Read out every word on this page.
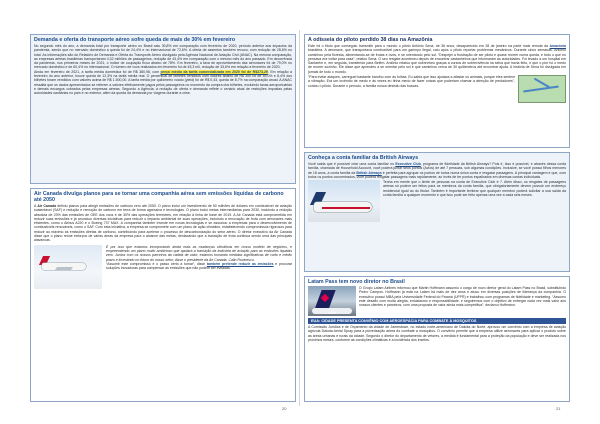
Demanda e oferta do transporte aéreo sofre queda de mais de 30% em fevereiro

No segundo mês do ano, a demanda total por transporte aéreo no Brasil caiu 30,8% em comparação com fevereiro de 2020, período anterior aos impactos da pandemia, sendo que no mercado doméstico a queda foi de 24,4% e no internacional de 72,6%. A oferta de assentos também recuou, com redução de 28,6% no total. As informações são do Relatório de Demanda e Oferta do Transporte Aéreo divulgado pela Agência Nacional de Aviação Civil (ANAC). Na mesma comparação, as empresas aéreas brasileiras transportaram 4,32 milhões de passageiros, redução de 43,4% em comparação com o mesmo mês do ano passado. Em decorrência da pandemia, nos primeiros meses de 2021, o índice de ocupação ficou abaixo de 78%. Em fevereiro, a taxa de aproveitamento das aeronaves foi de 79,0% no mercado doméstico e de 60,4% no internacional. O número de voos realizados em fevereiro foi de 45,3 mil, redução de 33,6% em relação a fevereiro de 2020.

Ainda em fevereiro de 2021, a tarifa média doméstica foi de R$ 380,98, com preço médio da tarifa comercializada em 2020 foi de R$373,29. Em relação a fevereiro do ano anterior, houve queda de 12,3% na tarifa média real. O percentual de bilhetes vendidos com valores abaixo de R$ 300 foi de 49,0% e 8,4% dos bilhetes foram vendidos com valores acima de R$ 1.500,00. A tarifa média por quilômetro voado (yield) foi de R$ 0,43, queda de 8,7% na comparação anual. A ANAC ressalta que os dados apresentados se referem a valores efetivamente pagos pelos passageiros no momento da compra dos bilhetes, excluindo taxas aeroportuárias e demais encargos cobrados pelas empresas aéreas. Segundo a Agência, a redução de oferta e demanda reflete o cenário atual de restrições impostas pelas autoridades sanitárias no país e no exterior, além da queda da demanda por viagens durante a crise.

Air Canada divulga planos para se tornar uma companhia aérea sem emissões líquidas de carbono até 2050

A Air Canada definiu planos para atingir emissões de carbono zero até 2050. O plano inclui um investimento de 50 milhões de dólares em combustível de aviação sustentável (SAF) e redução e remoção de carbono em terra de forma agressiva e tecnologias. O plano inclui metas intermediárias para 2030, incluindo a redução absoluta de 20% das emissões de GEE dos voos e de 30% das operações terrestres, em relação à linha de base de 2019. A Air Canada está comprometida em reduzir suas emissões e já anunciou diversas iniciativas para reduzir o impacto ambiental de suas operações, incluindo a renovação de frota com aeronaves mais eficientes, como o Airbus A220 e o Boeing 737 MAX. A companhia também investe em novas tecnologias e se associou a empresas para o desenvolvimento de combustíveis renováveis, como o SAF. Com esta iniciativa, a empresa se compromete com um plano de ação climático, estabelecendo compromissos rigorosos para reduzir ao máximo as emissões diretas de carbono, contribuindo para acelerar o processo de descarbonização do setor aéreo. O diretor executivo da Air Canada disse que o plano reúne esforços de várias áreas da empresa para o alcance das metas, destacando que a transição de frota continua sendo uma das principais alavancas.

É por isso que estamos incorporando ainda mais as mudanças climáticas em nosso modelo de negócios, e empreendendo um plano muito ambicioso que apoiará a transição da indústria de aviação para as emissões líquidas zero. Juntos com os nossos parceiros da cadeia de valor, estamos tomando medidas significativas de curto e médio prazo e investindo no futuro do nosso setor, disse o presidente da Air Canada, Calin Rovinescu.

“Assumir este compromisso é o passo certo a tomar”, disse também pretende reduzir as emissões e procurar soluções inovadoras para compensar as emissões que não podem ser evitadas.

20

A odisseia do piloto perdido 38 dias na Amazônia

Este foi o título que conseguiu transmitir para o mundo o piloto Antônio Sena, de 36 anos, desaparecido em 28 de janeiro na parte mais remota da Amazônia brasileira. A aeronave, que transportava combustível para um garimpo ilegal, caiu após o piloto reportar problemas mecânicos. Durante cinco semanas, Antônio caminhou pela floresta, alimentando-se de frutas e ovos, e se orientando pelo sol. “Despejei a frustração de ser piloto e quase morrer numa queda, e tudo o que eu pensava era voltar para casa”, relatou Sena. O seu resgate aconteceu depois de encontrar castanheiros que informaram as autoridades. Foi levado a um hospital em Santarém e, em seguida, transferido para Belém. Antônio relatou que sobreviveu graças a cursos de sobrevivência na selva que havia feito, e que o pior foi o medo de morrer sozinho. Ele disse que aprendeu a se orientar pelo sol e que caminhou cerca de 30 quilômetros até encontrar ajuda. A história de Sena foi divulgada em jornais de todo o mundo.

"Para evitar ataques, carreguei bastante barulho com as folhas. Eu sabia que isso ajudava a afastar os animais, porque eles sentem a vibração. Era um incêndio de medo e às vezes eu tinha medo de fazer coisas que poderiam chamar a atenção de predadores", contou o piloto. Durante o período, a família nunca desistiu das buscas.

Conheça a conta familiar da British Airways

Você sabia que é possível criar uma conta familiar no Executive Club, programa de fidelidade da British Airways? Pois é, isso é possível, e através dessa conta família, chamada de Household Account, você poderá juntar seus pontos (Avios) de até 7 pessoas, sob algumas condições. Inclusive, se você possui filhos menores de 18 anos, a conta família da British Airways é perfeita para agrupar os pontos de todos numa única conta e resgatar passagens. A principal vantagem é que, com todos os pontos concentrados, você poderá resgatar passagens mais rapidamente, ao invés de ter pontos espalhados em diversas contas individuais.

Tenha em mente que o limite de pessoas na conta de Executive Club é 7. Além disso, os resgates de passagens aéreas só podem ser feitos para os membros da conta família, que obrigatoriamente devem possuir um endereço residencial igual ao do titular. Também é importante lembrar que qualquer membro poderá solicitar a sua saída da conta família a qualquer momento e que isso pode ser feito apenas uma vez a cada seis meses.

Latam Pass tem novo diretor no Brasil

LATAM

O Grupo Latam Airlines informou que Martin Hoffmann assumiu o cargo de novo diretor geral do Latam Pass no Brasil, substituindo Pedro Campos. Hoffmann já está na Latam há mais de dez anos e atuou em diversas posições de liderança da companhia. O executivo possui MBA pela Universidade Federal do Paraná (UFPR) e trabalhou com programas de fidelidade e marketing. “Assumo este desafio com muita alegria, entusiasmo e responsabilidade, e seguiremos com o objetivo de entregar cada vez mais valor aos nossos clientes e parceiros, com uma proposta de valor ainda mais competitiva”, declarou Hoffmann.

EUA: CIDADE PRESENTA CONVÊNIO COM AEROESPÁCIA PARA COMBATE À MOSQUITOS

A Comissão Jurídica e de Orçamento da cidade de Jamestown, no estado norte-americano de Dakota do Norte, aprovou um convênio com a empresa de aviação agrícola Dakota Aerial Spray para a pulverização aérea do combate a mosquitos. O convênio permite que a empresa utilize aeronaves para aplicar o produto sobre as áreas urbanas e rurais da cidade. Segundo o diretor do departamento de vetores, a medida é fundamental para a proteção da população e deve ser realizada nos próximos meses, conforme as condições climáticas e a incidência dos insetos.

21
